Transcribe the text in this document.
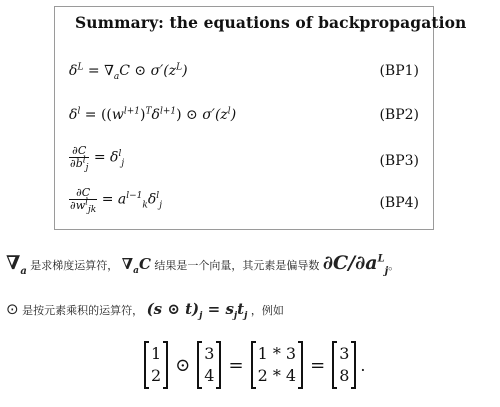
Summary: the equations of backpropagation
$\delta^L = \nabla_aC$ ⊙ $\sigma'(z^L)$	(BP1)
$\delta^l = ((w^{l+1})^T\delta^{l+1})$ ⊙ $\sigma'(z^l)$	(BP2)
$\frac{\partial C}{\partial b^l_j} = \delta^l_j$	(BP3)
$\frac{\partial C}{\partial w^l_{jk}} = a^{l-1}_k\delta^l_j$	(BP4)
$\nabla_a$ 是求梯度运算符， $\nabla_aC$ 结果是一个向量，其元素是偏导数 $\partial C/\partial a^L_j$。
⊙ 是按元素乘积的运算符， (s ⊙ $t)_j = s_jt_j$ ，例如
1
2 ⊙
3
4 =
1 * 3
2 * 4 =
3
8
.
